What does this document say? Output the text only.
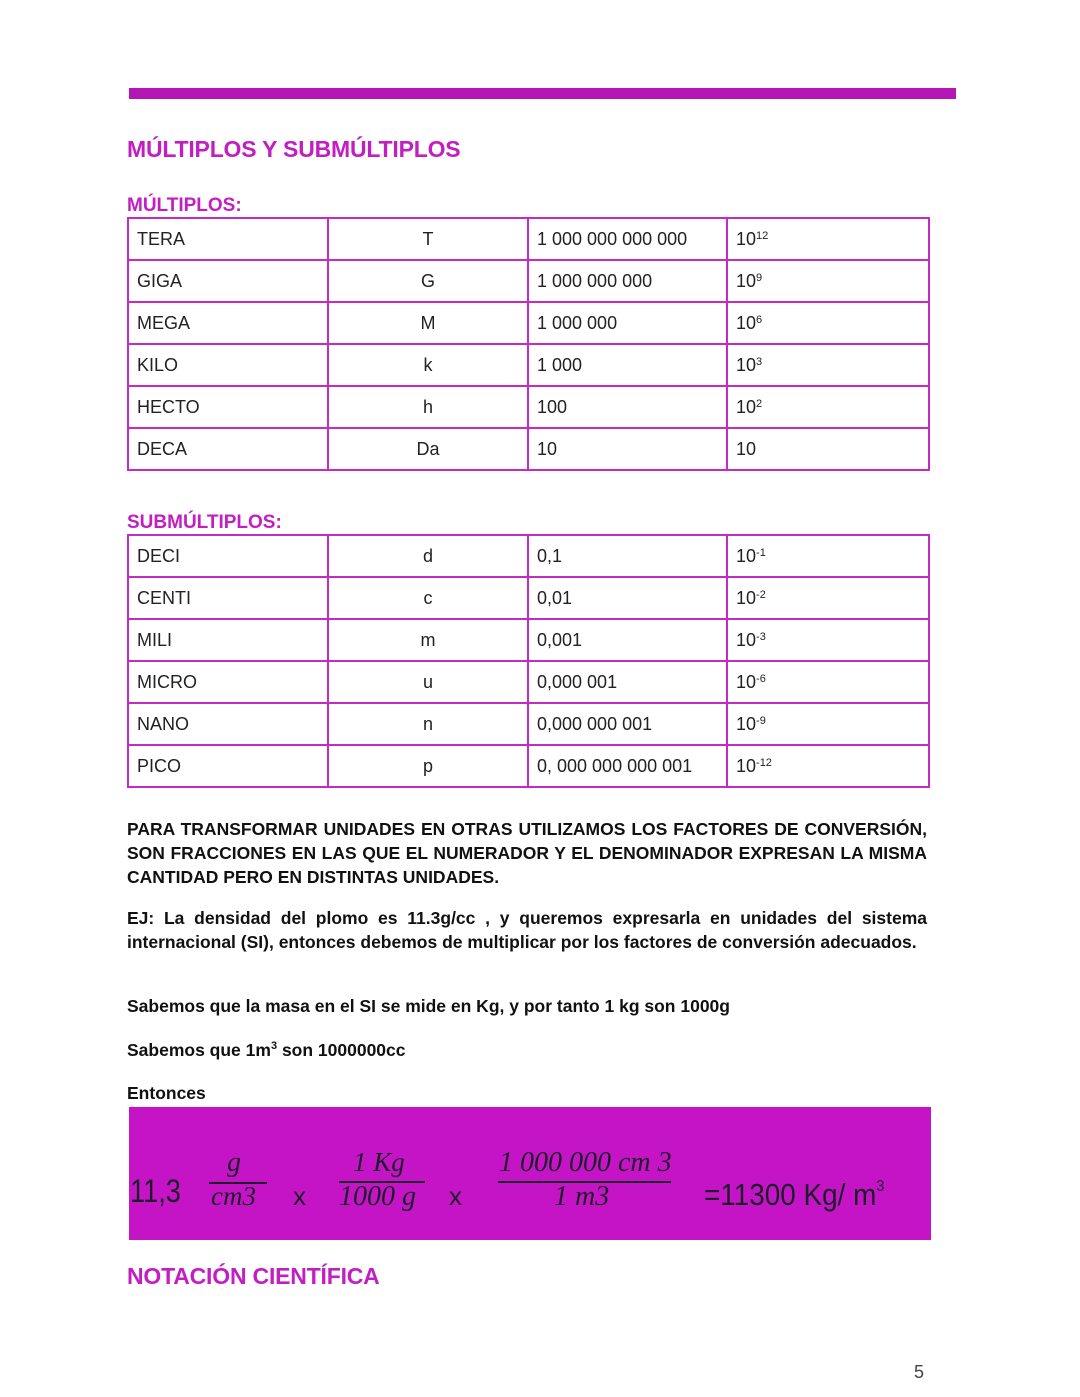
MÚLTIPLOS Y SUBMÚLTIPLOS
MÚLTIPLOS:
TERA	T	1 000 000 000 000	$10^{12}$
GIGA	G	1 000 000 000	$10^9$
MEGA	M	1 000 000	$10^6$
KILO	k	1 000	$10^3$
HECTO	h	100	$10^2$
DECA	Da	10	10
SUBMÚLTIPLOS:
DECI	d	0,1	$10^{-1}$
CENTI	c	0,01	$10^{-2}$
MILI	m	0,001	$10^{-3}$
MICRO	u	0,000 001	$10^{-6}$
NANO	n	0,000 000 001	$10^{-9}$
PICO	p	0, 000 000 000 001	$10^{-12}$
PARA TRANSFORMAR UNIDADES EN OTRAS UTILIZAMOS LOS FACTORES DE CONVERSIÓN, SON FRACCIONES EN LAS QUE EL NUMERADOR Y EL DENOMINADOR EXPRESAN LA MISMA CANTIDAD PERO EN DISTINTAS UNIDADES.
EJ: La densidad del plomo es 11.3g/cc , y queremos expresarla en unidades del sistema internacional (SI), entonces debemos de multiplicar por los factores de conversión adecuados.
Sabemos que la masa en el SI se mide en Kg, y por tanto 1 kg son 1000g
Sabemos que $1m^3$ son 1000000cc
Entonces
11,3
g
cm3 x
1 Kg
1000 g x
1 000 000 cm 3
1 m3	=11300 Kg/ $m^3$
NOTACIÓN CIENTÍFICA
5
